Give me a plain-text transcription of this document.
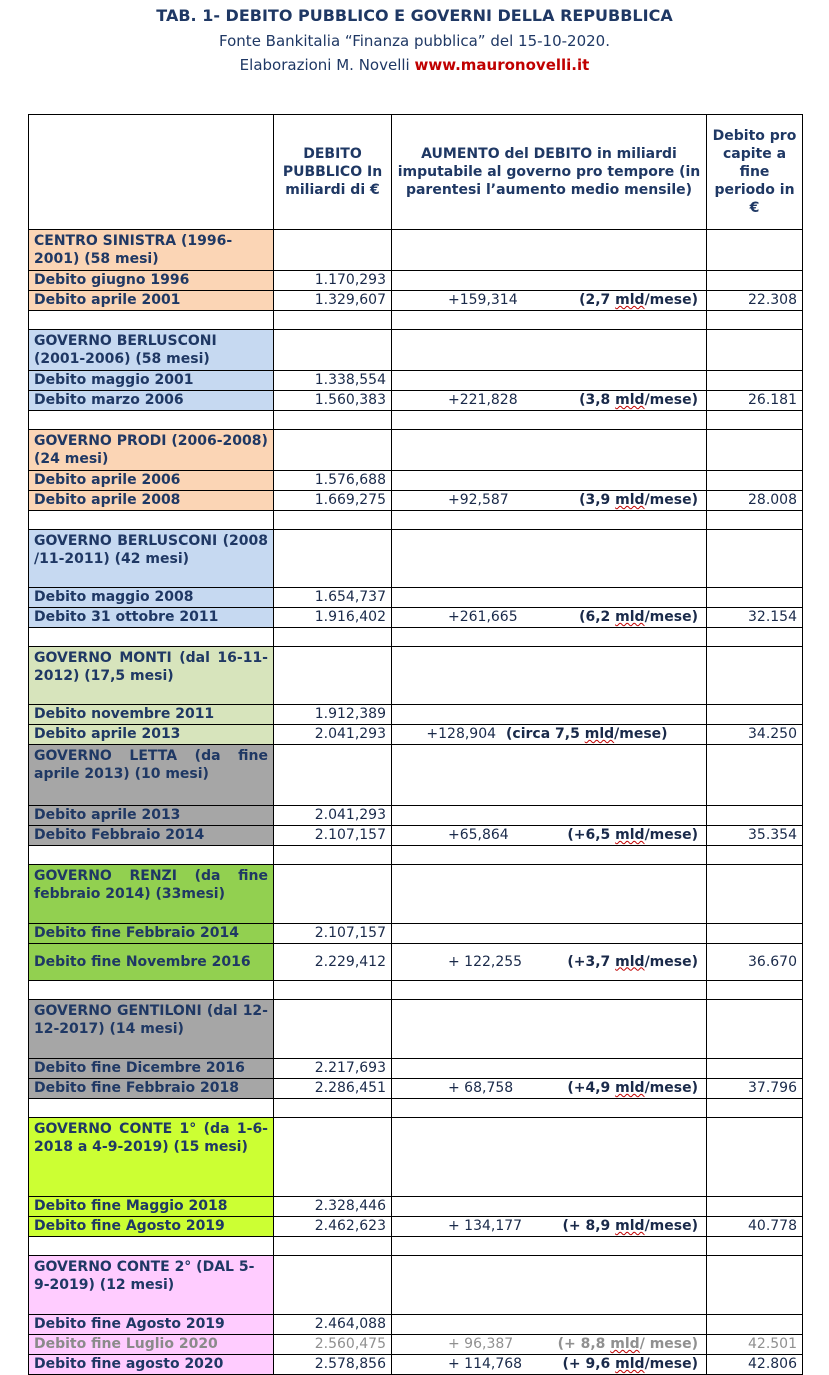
TAB. 1- DEBITO PUBBLICO E GOVERNI DELLA REPUBBLICA
Fonte Bankitalia “Finanza pubblica” del 15-10-2020.
Elaborazioni M. Novelli www.mauronovelli.it
	DEBITO PUBBLICO In miliardi di €	AUMENTO del DEBITO in miliardi imputabile al governo pro tempore (in parentesi l’aumento medio mensile)	Debito pro capite a fine periodo in €
CENTRO SINISTRA (1996-2001) (58 mesi)			
Debito giugno 1996	1.170,293		
Debito aprile 2001	1.329,607	+159,314 (2,7 mld/mese)	22.308

GOVERNO BERLUSCONI (2001-2006) (58 mesi)			
Debito maggio 2001	1.338,554		
Debito marzo 2006	1.560,383	+221,828 (3,8 mld/mese)	26.181

GOVERNO PRODI (2006-2008) (24 mesi)			
Debito aprile 2006	1.576,688		
Debito aprile 2008	1.669,275	+92,587 (3,9 mld/mese)	28.008

GOVERNO BERLUSCONI (2008 /11-2011) (42 mesi)			
Debito maggio 2008	1.654,737		
Debito 31 ottobre 2011	1.916,402	+261,665 (6,2 mld/mese)	32.154

GOVERNO MONTI (dal 16-11-2012) (17,5 mesi)			
Debito novembre 2011	1.912,389		
Debito aprile 2013	2.041,293	+128,904 (circa 7,5 mld/mese)	34.250
GOVERNO LETTA (da fine aprile 2013) (10 mesi)			
Debito aprile 2013	2.041,293		
Debito Febbraio 2014	2.107,157	+65,864 (+6,5 mld/mese)	35.354

GOVERNO RENZI (da fine febbraio 2014) (33mesi)			
Debito fine Febbraio 2014	2.107,157		
Debito fine Novembre 2016	2.229,412	+ 122,255 (+3,7 mld/mese)	36.670

GOVERNO GENTILONI (dal 12-12-2017) (14 mesi)			
Debito fine Dicembre 2016	2.217,693		
Debito fine Febbraio 2018	2.286,451	+ 68,758 (+4,9 mld/mese)	37.796

GOVERNO CONTE 1° (da 1-6-2018 a 4-9-2019) (15 mesi)			
Debito fine Maggio 2018	2.328,446		
Debito fine Agosto 2019	2.462,623	+ 134,177 (+ 8,9 mld/mese)	40.778

GOVERNO CONTE 2° (DAL 5-9-2019) (12 mesi)			
Debito fine Agosto 2019	2.464,088		
Debito fine Luglio 2020	2.560,475	+ 96,387 (+ 8,8 mld/ mese)	42.501
Debito fine agosto 2020	2.578,856	+ 114,768 (+ 9,6 mld/mese)	42.806
